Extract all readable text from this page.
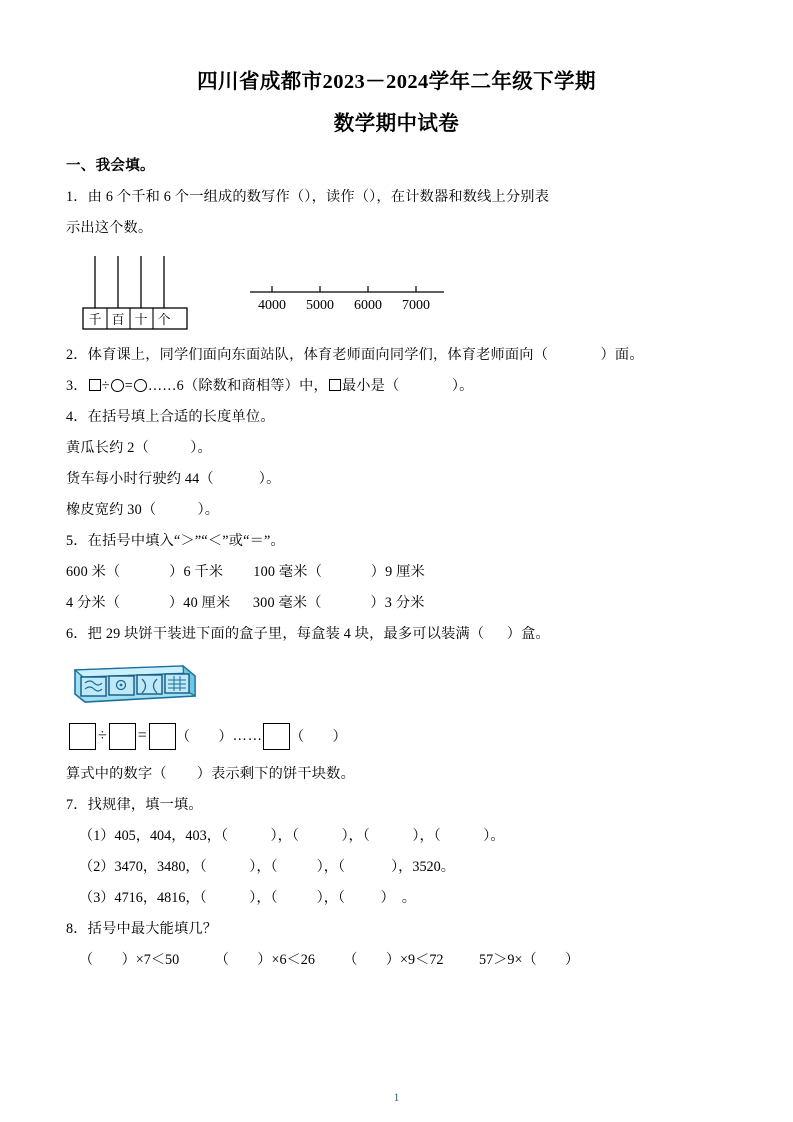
四川省成都市2023－2024学年二年级下学期
数学期中试卷
一、我会填。
1．由 6 个千和 6 个一组成的数写作（），读作（），在计数器和数线上分别表
示出这个数。
千 百 十 个
4000 5000 6000 7000
2．体育课上，同学们面向东面站队，体育老师面向同学们，体育老师面向（              ）面。
3． ÷ = ……6（除数和商相等）中， 最小是（              ）。
4．在括号填上合适的长度单位。
黄瓜长约 2（           ）。
货车每小时行驶约 44（            ）。
橡皮宽约 30（           ）。
5．在括号中填入“＞”“＜”或“＝”。
600 米（             ）6 千米        100 毫米（             ）9 厘米
4 分米（             ）40 厘米      300 毫米（             ）3 分米
6．把 29 块饼干装进下面的盒子里，每盒装 4 块，最多可以装满（      ）盒。
÷ = （        ） …… （        ）
算式中的数字（        ）表示剩下的饼干块数。
7．找规律，填一填。
（1）405，404，403，（            ），（            ），（            ），（            ）。
（2）3470，3480，（            ），（           ），（             ），3520。
（3）4716，4816，（            ），（           ），（          ）  。
8．括号中最大能填几？
（        ）×7＜50          （        ）×6＜26        （        ）×9＜72          57＞9×（        ）
1
